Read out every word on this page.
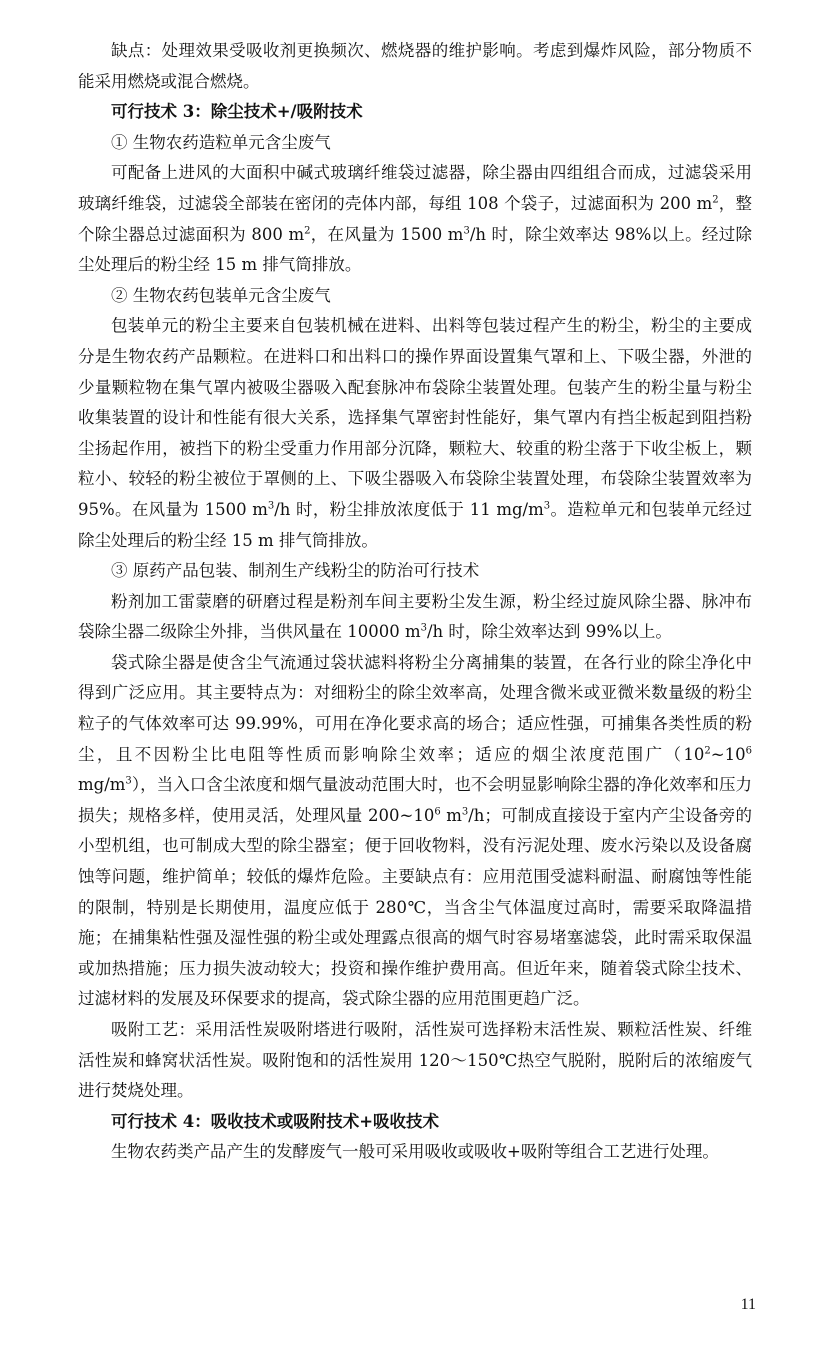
缺点：处理效果受吸收剂更换频次、燃烧器的维护影响。考虑到爆炸风险，部分物质不能采用燃烧或混合燃烧。

可行技术 3：除尘技术+/吸附技术

① 生物农药造粒单元含尘废气

可配备上进风的大面积中碱式玻璃纤维袋过滤器，除尘器由四组组合而成，过滤袋采用玻璃纤维袋，过滤袋全部装在密闭的壳体内部，每组 108 个袋子，过滤面积为 200 $m^2$，整个除尘器总过滤面积为 800 $m^2$，在风量为 1500 $m^3/h$ 时，除尘效率达 98%以上。经过除尘处理后的粉尘经 15 m 排气筒排放。

② 生物农药包装单元含尘废气

包装单元的粉尘主要来自包装机械在进料、出料等包装过程产生的粉尘，粉尘的主要成分是生物农药产品颗粒。在进料口和出料口的操作界面设置集气罩和上、下吸尘器，外泄的少量颗粒物在集气罩内被吸尘器吸入配套脉冲布袋除尘装置处理。包装产生的粉尘量与粉尘收集装置的设计和性能有很大关系，选择集气罩密封性能好，集气罩内有挡尘板起到阻挡粉尘扬起作用，被挡下的粉尘受重力作用部分沉降，颗粒大、较重的粉尘落于下收尘板上，颗粒小、较轻的粉尘被位于罩侧的上、下吸尘器吸入布袋除尘装置处理，布袋除尘装置效率为 95%。在风量为 1500 $m^3/h$ 时，粉尘排放浓度低于 11 $mg/m^3$。造粒单元和包装单元经过除尘处理后的粉尘经 15 m 排气筒排放。

③ 原药产品包装、制剂生产线粉尘的防治可行技术

粉剂加工雷蒙磨的研磨过程是粉剂车间主要粉尘发生源，粉尘经过旋风除尘器、脉冲布袋除尘器二级除尘外排，当供风量在 10000 $m^3/h$ 时，除尘效率达到 99%以上。

袋式除尘器是使含尘气流通过袋状滤料将粉尘分离捕集的装置，在各行业的除尘净化中得到广泛应用。其主要特点为：对细粉尘的除尘效率高，处理含微米或亚微米数量级的粉尘粒子的气体效率可达 99.99%，可用在净化要求高的场合；适应性强，可捕集各类性质的粉尘，且不因粉尘比电阻等性质而影响除尘效率；适应的烟尘浓度范围广（$10^2\sim 10^6$ $mg/m^3$），当入口含尘浓度和烟气量波动范围大时，也不会明显影响除尘器的净化效率和压力损失；规格多样，使用灵活，处理风量 $200\sim 10^6$ $m^3/h$；可制成直接设于室内产尘设备旁的小型机组，也可制成大型的除尘器室；便于回收物料，没有污泥处理、废水污染以及设备腐蚀等问题，维护简单；较低的爆炸危险。主要缺点有：应用范围受滤料耐温、耐腐蚀等性能的限制，特别是长期使用，温度应低于 280℃，当含尘气体温度过高时，需要采取降温措施；在捕集粘性强及湿性强的粉尘或处理露点很高的烟气时容易堵塞滤袋，此时需采取保温或加热措施；压力损失波动较大；投资和操作维护费用高。但近年来，随着袋式除尘技术、过滤材料的发展及环保要求的提高，袋式除尘器的应用范围更趋广泛。

吸附工艺：采用活性炭吸附塔进行吸附，活性炭可选择粉末活性炭、颗粒活性炭、纤维活性炭和蜂窝状活性炭。吸附饱和的活性炭用 120～150℃热空气脱附，脱附后的浓缩废气进行焚烧处理。

可行技术 4：吸收技术或吸附技术+吸收技术

生物农药类产品产生的发酵废气一般可采用吸收或吸收+吸附等组合工艺进行处理。

11
